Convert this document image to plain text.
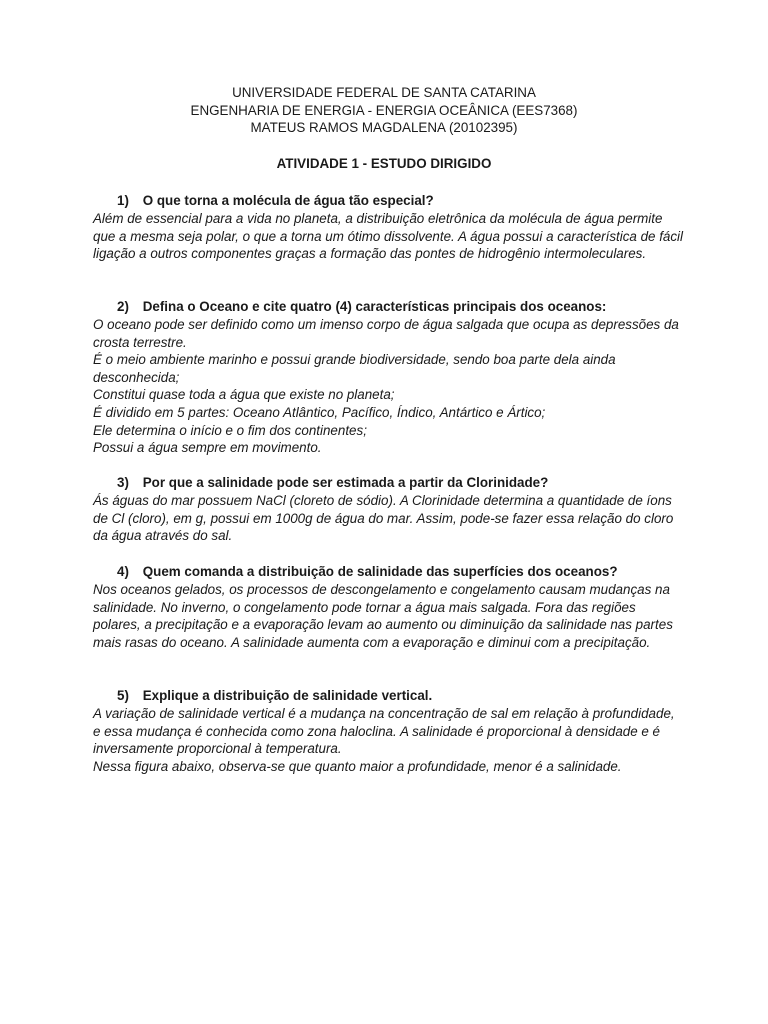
UNIVERSIDADE FEDERAL DE SANTA CATARINA
ENGENHARIA DE ENERGIA - ENERGIA OCEÂNICA (EES7368)
MATEUS RAMOS MAGDALENA (20102395)
ATIVIDADE 1 - ESTUDO DIRIGIDO
1) O que torna a molécula de água tão especial?

Além de essencial para a vida no planeta, a distribuição eletrônica da molécula de água permite que a mesma seja polar, o que a torna um ótimo dissolvente. A água possui a característica de fácil ligação a outros componentes graças a formação das pontes de hidrogênio intermoleculares.

2) Defina o Oceano e cite quatro (4) características principais dos oceanos:

O oceano pode ser definido como um imenso corpo de água salgada que ocupa as depressões da crosta terrestre.

É o meio ambiente marinho e possui grande biodiversidade, sendo boa parte dela ainda desconhecida;

Constitui quase toda a água que existe no planeta;

É dividido em 5 partes: Oceano Atlântico, Pacífico, Índico, Antártico e Ártico;

Ele determina o início e o fim dos continentes;

Possui a água sempre em movimento.

3) Por que a salinidade pode ser estimada a partir da Clorinidade?

Ás águas do mar possuem NaCl (cloreto de sódio). A Clorinidade determina a quantidade de íons de Cl (cloro), em g, possui em 1000g de água do mar. Assim, pode-se fazer essa relação do cloro da água através do sal.

4) Quem comanda a distribuição de salinidade das superfícies dos oceanos?

Nos oceanos gelados, os processos de descongelamento e congelamento causam mudanças na salinidade. No inverno, o congelamento pode tornar a água mais salgada. Fora das regiões polares, a precipitação e a evaporação levam ao aumento ou diminuição da salinidade nas partes mais rasas do oceano. A salinidade aumenta com a evaporação e diminui com a precipitação.

5) Explique a distribuição de salinidade vertical.

A variação de salinidade vertical é a mudança na concentração de sal em relação à profundidade, e essa mudança é conhecida como zona haloclina. A salinidade é proporcional à densidade e é inversamente proporcional à temperatura.

Nessa figura abaixo, observa-se que quanto maior a profundidade, menor é a salinidade.
